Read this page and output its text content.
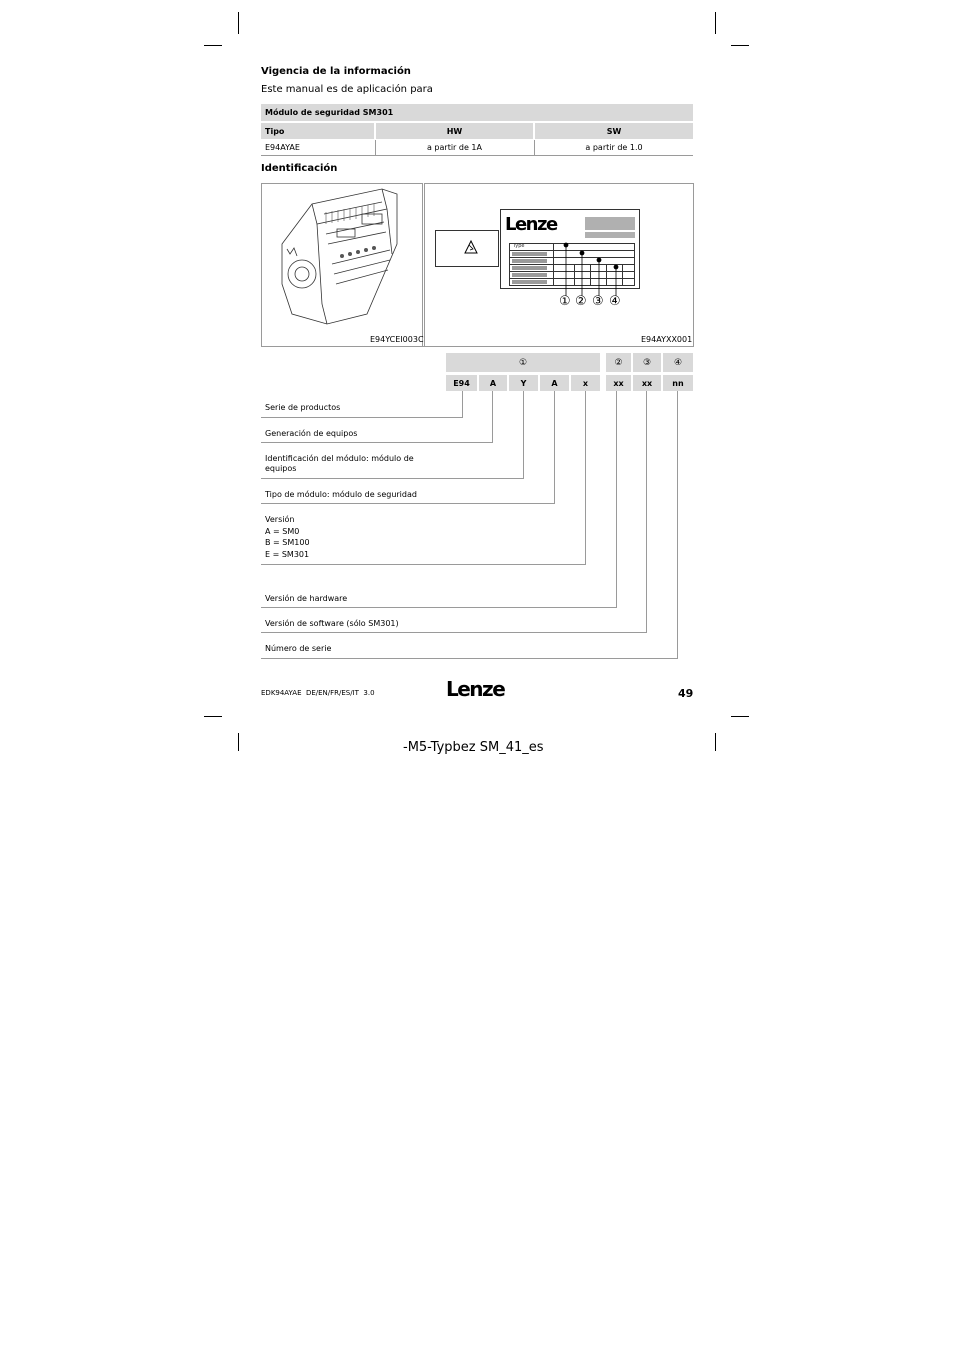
Vigencia de la información
Este manual es de aplicación para
Módulo de seguridad SM301
Tipo	HW	SW
E94AYAE	a partir de 1A	a partir de 1.0
Identificación
E94YCEI003C
Lenze
Type
① ② ③ ④
E94AYXX001
①	②	③	④
E94	A	Y	A	x	xx	xx	nn
Serie de productos
Generación de equipos
Identificación del módulo: módulo de equipos
Tipo de módulo: módulo de seguridad
Versión
A = SM0
B = SM100
E = SM301
Versión de hardware
Versión de software (sólo SM301)
Número de serie
EDK94AYAE  DE/EN/FR/ES/IT  3.0	Lenze	49
-M5-Typbez SM_41_es
